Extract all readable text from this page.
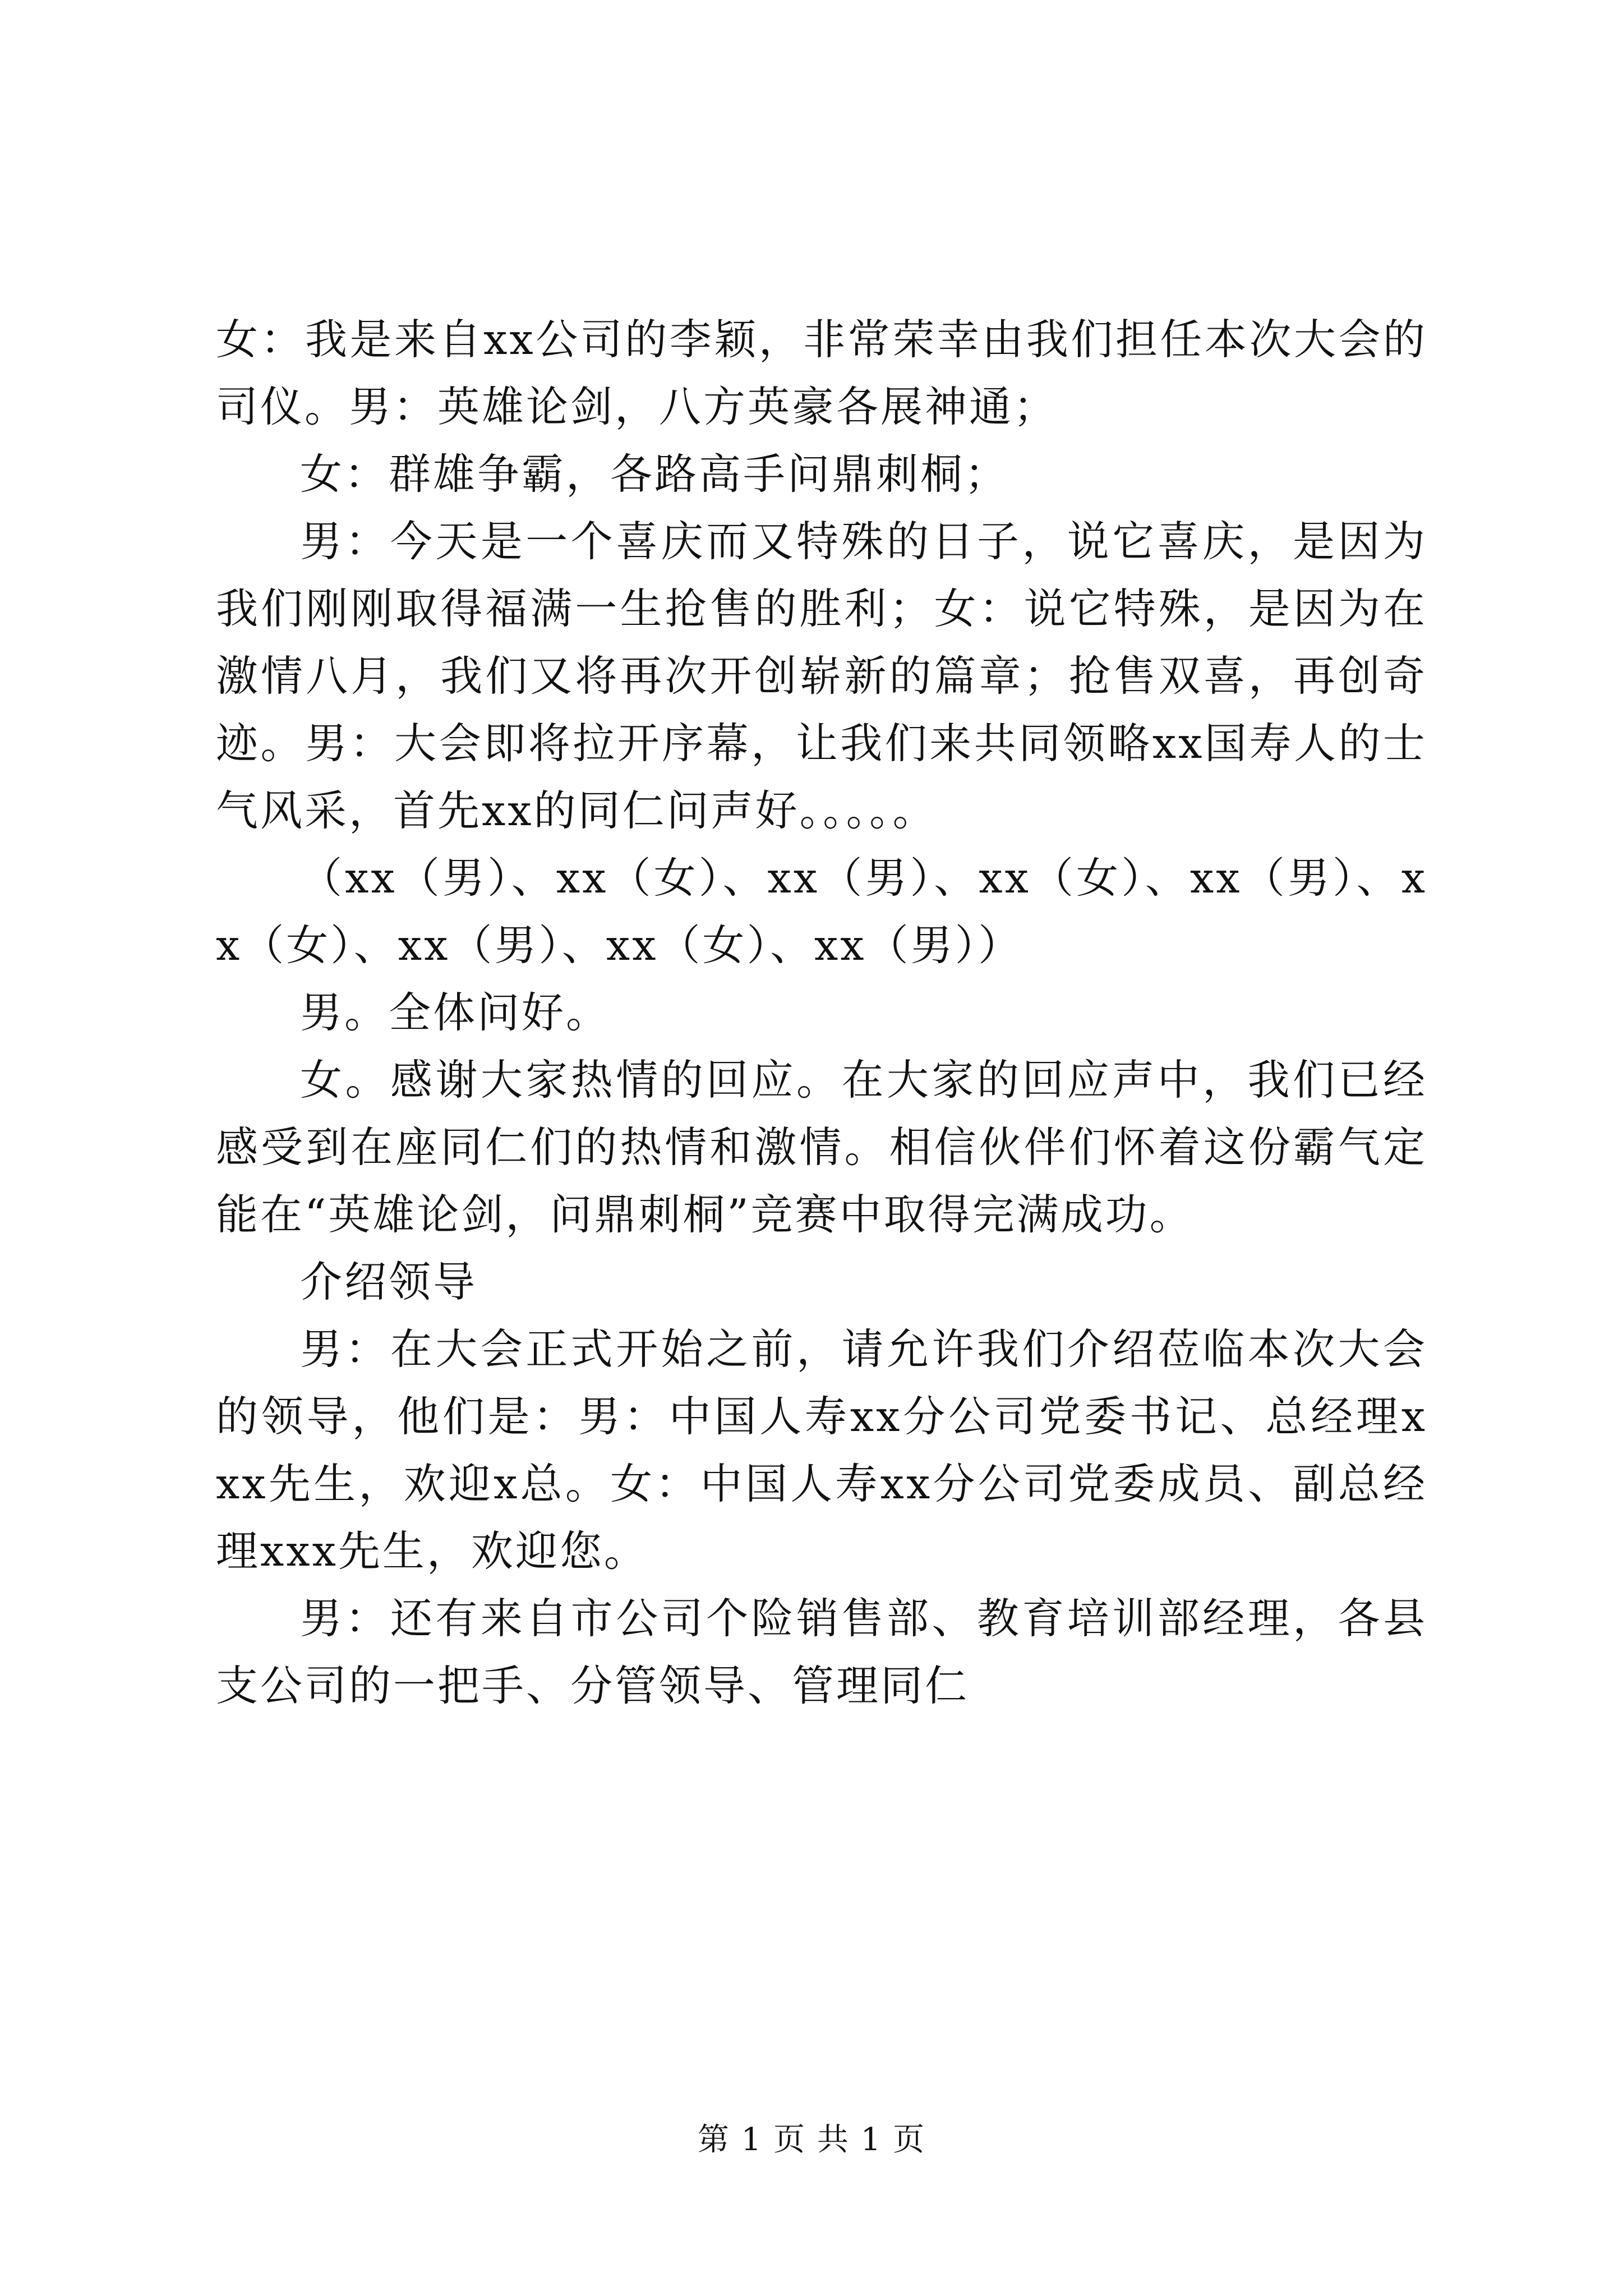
女：我是来自xx公司的李颖，非常荣幸由我们担任本次大会的司仪。男：英雄论剑，八方英豪各展神通；

女：群雄争霸，各路高手问鼎刺桐；

男：今天是一个喜庆而又特殊的日子，说它喜庆，是因为我们刚刚取得福满一生抢售的胜利；女：说它特殊，是因为在激情八月，我们又将再次开创崭新的篇章；抢售双喜，再创奇迹。男：大会即将拉开序幕，让我们来共同领略xx国寿人的士气风采，首先xx的同仁问声好。。。。。

（xx（男）、xx（女）、xx（男）、xx（女）、xx（男）、xx（女）、xx（男）、xx（女）、xx（男））

男。全体问好。

女。感谢大家热情的回应。在大家的回应声中，我们已经感受到在座同仁们的热情和激情。相信伙伴们怀着这份霸气定能在“英雄论剑，问鼎刺桐”竞赛中取得完满成功。

介绍领导

男：在大会正式开始之前，请允许我们介绍莅临本次大会的领导，他们是：男：中国人寿xx分公司党委书记、总经理xxx先生，欢迎x总。女：中国人寿xx分公司党委成员、副总经理xxx先生，欢迎您。

男：还有来自市公司个险销售部、教育培训部经理，各县支公司的一把手、分管领导、管理同仁

第 1 页 共 1 页
